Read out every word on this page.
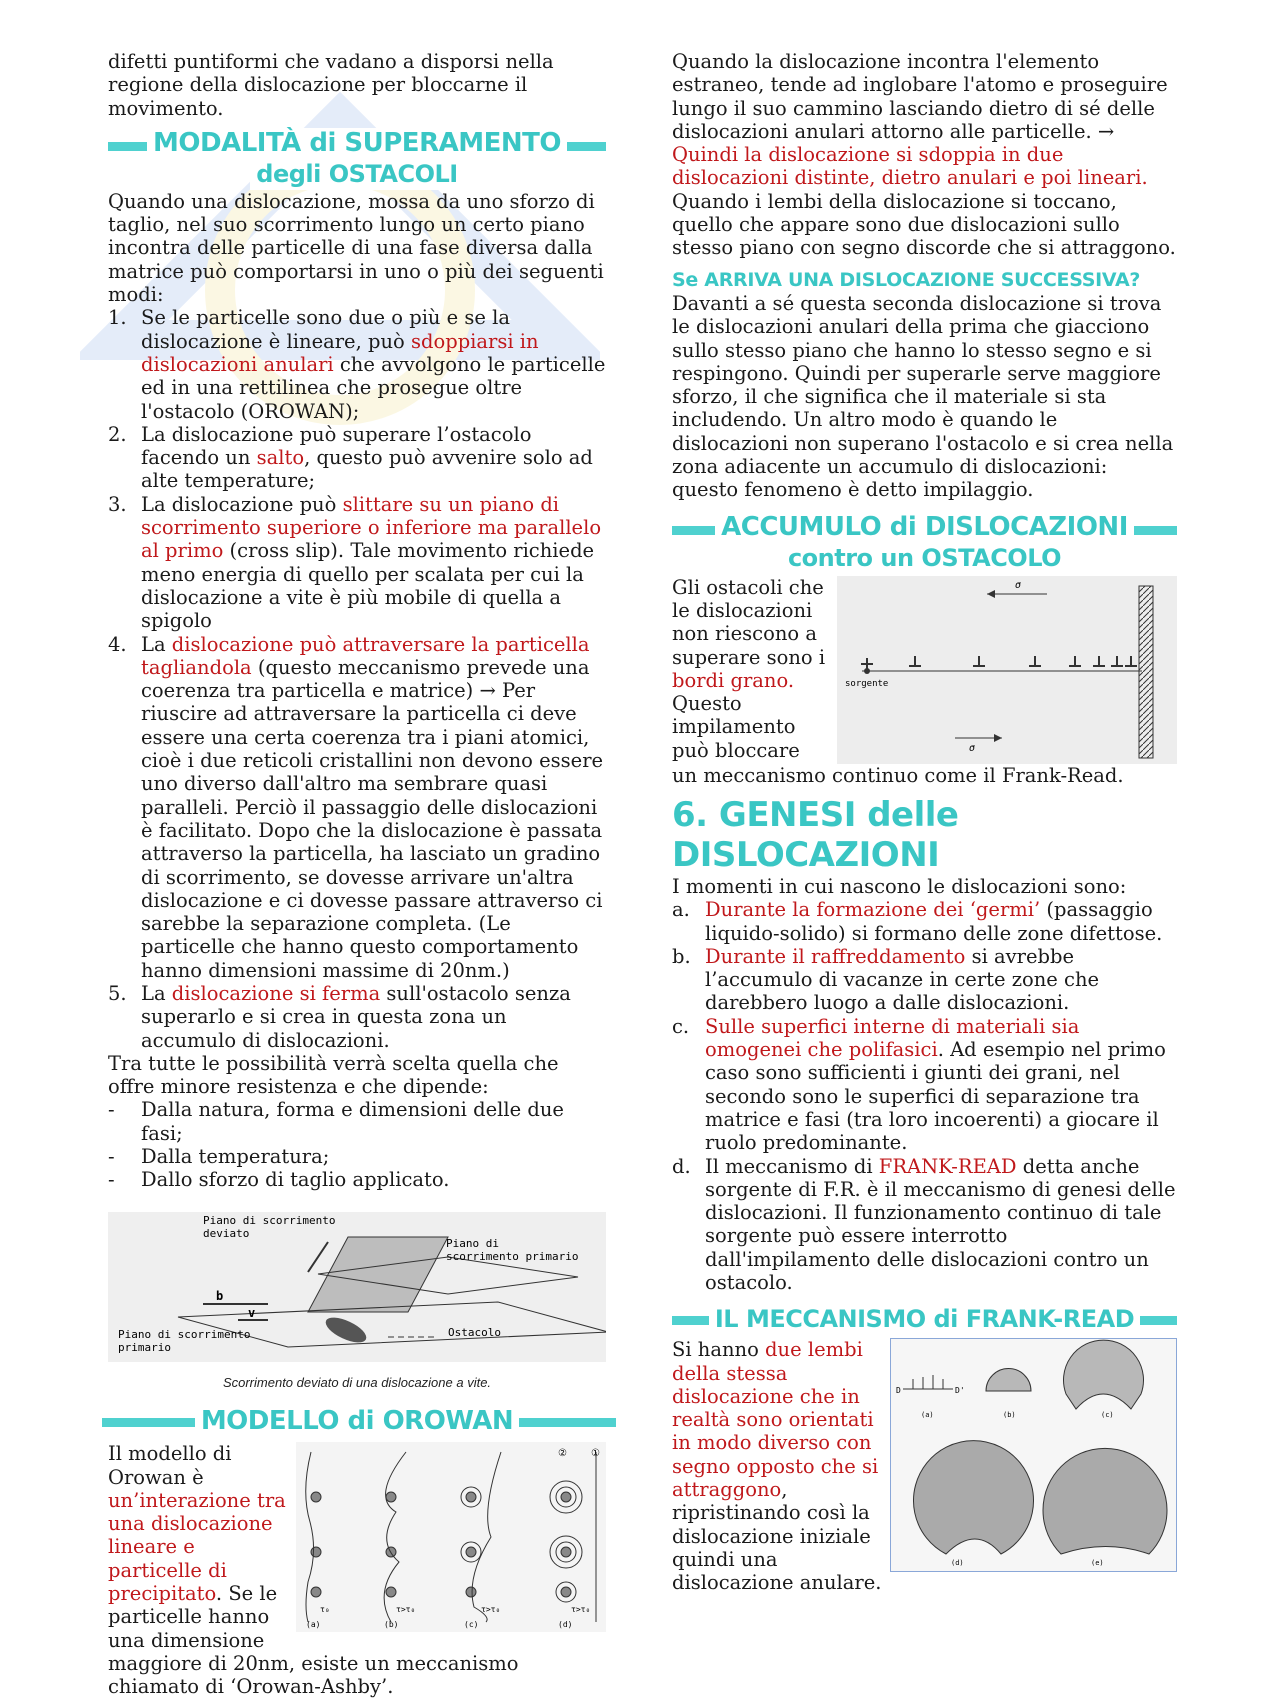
difetti puntiformi che vadano a disporsi nella regione della dislocazione per bloccarne il movimento.

MODALITÀ di SUPERAMENTO
degli OSTACOLI

Quando una dislocazione, mossa da uno sforzo di taglio, nel suo scorrimento lungo un certo piano incontra delle particelle di una fase diversa dalla matrice può comportarsi in uno o più dei seguenti modi:

1. Se le particelle sono due o più e se la dislocazione è lineare, può sdoppiarsi in dislocazioni anulari che avvolgono le particelle ed in una rettilinea che prosegue oltre l'ostacolo (OROWAN);
2. La dislocazione può superare l’ostacolo facendo un salto, questo può avvenire solo ad alte temperature;
3. La dislocazione può slittare su un piano di scorrimento superiore o inferiore ma parallelo al primo (cross slip). Tale movimento richiede meno energia di quello per scalata per cui la dislocazione a vite è più mobile di quella a spigolo
4. La dislocazione può attraversare la particella tagliandola (questo meccanismo prevede una coerenza tra particella e matrice) → Per riuscire ad attraversare la particella ci deve essere una certa coerenza tra i piani atomici, cioè i due reticoli cristallini non devono essere uno diverso dall'altro ma sembrare quasi paralleli. Perciò il passaggio delle dislocazioni è facilitato. Dopo che la dislocazione è passata attraverso la particella, ha lasciato un gradino di scorrimento, se dovesse arrivare un'altra dislocazione e ci dovesse passare attraverso ci sarebbe la separazione completa. (Le particelle che hanno questo comportamento hanno dimensioni massime di 20nm.)
5. La dislocazione si ferma sull'ostacolo senza superarlo e si crea in questa zona un accumulo di dislocazioni.

Tra tutte le possibilità verrà scelta quella che offre minore resistenza e che dipende:

- Dalla natura, forma e dimensioni delle due fasi;
- Dalla temperatura;
- Dallo sforzo di taglio applicato.
Piano di scorrimento
deviato
Piano di
scorrimento primario
Piano di scorrimento
primario
Ostacolo
b
v
Scorrimento deviato di una dislocazione a vite.
MODELLO di OROWAN
(a)	(b)	(c)	(d)
τ₀	τ>τ₀	τ>τ₀	τ>τ₀
② ①

Il modello di Orowan è un’interazione tra una dislocazione lineare e particelle di precipitato. Se le particelle hanno una dimensione maggiore di 20nm, esiste un meccanismo chiamato di ‘Orowan-Ashby’.

Quando la dislocazione incontra l'elemento estraneo, tende ad inglobare l'atomo e proseguire lungo il suo cammino lasciando dietro di sé delle dislocazioni anulari attorno alle particelle. → Quindi la dislocazione si sdoppia in due dislocazioni distinte, dietro anulari e poi lineari.

Quando i lembi della dislocazione si toccano, quello che appare sono due dislocazioni sullo stesso piano con segno discorde che si attraggono.

Se ARRIVA UNA DISLOCAZIONE SUCCESSIVA? Davanti a sé questa seconda dislocazione si trova le dislocazioni anulari della prima che giacciono sullo stesso piano che hanno lo stesso segno e si respingono. Quindi per superarle serve maggiore sforzo, il che significa che il materiale si sta includendo. Un altro modo è quando le dislocazioni non superano l'ostacolo e si crea nella zona adiacente un accumulo di dislocazioni: questo fenomeno è detto impilaggio.

ACCUMULO di DISLOCAZIONI
contro un OSTACOLO
σ
σ
sorgente

Gli ostacoli che le dislocazioni non riescono a superare sono i bordi grano. Questo impilamento può bloccare

un meccanismo continuo come il Frank-Read.

6. GENESI delle DISLOCAZIONI

I momenti in cui nascono le dislocazioni sono:

a. Durante la formazione dei ‘germi’ (passaggio liquido-solido) si formano delle zone difettose.
b. Durante il raffreddamento si avrebbe l’accumulo di vacanze in certe zone che darebbero luogo a dalle dislocazioni.
c. Sulle superfici interne di materiali sia omogenei che polifasici. Ad esempio nel primo caso sono sufficienti i giunti dei grani, nel secondo sono le superfici di separazione tra matrice e fasi (tra loro incoerenti) a giocare il ruolo predominante.
d. Il meccanismo di FRANK-READ detta anche sorgente di F.R. è il meccanismo di genesi delle dislocazioni. Il funzionamento continuo di tale sorgente può essere interrotto dall'impilamento delle dislocazioni contro un ostacolo.
IL MECCANISMO di FRANK-READ
D	D'
(a)	(b)	(c)
(d)	(e)

Si hanno due lembi della stessa dislocazione che in realtà sono orientati in modo diverso con segno opposto che si attraggono, ripristinando così la dislocazione iniziale quindi una dislocazione anulare.
